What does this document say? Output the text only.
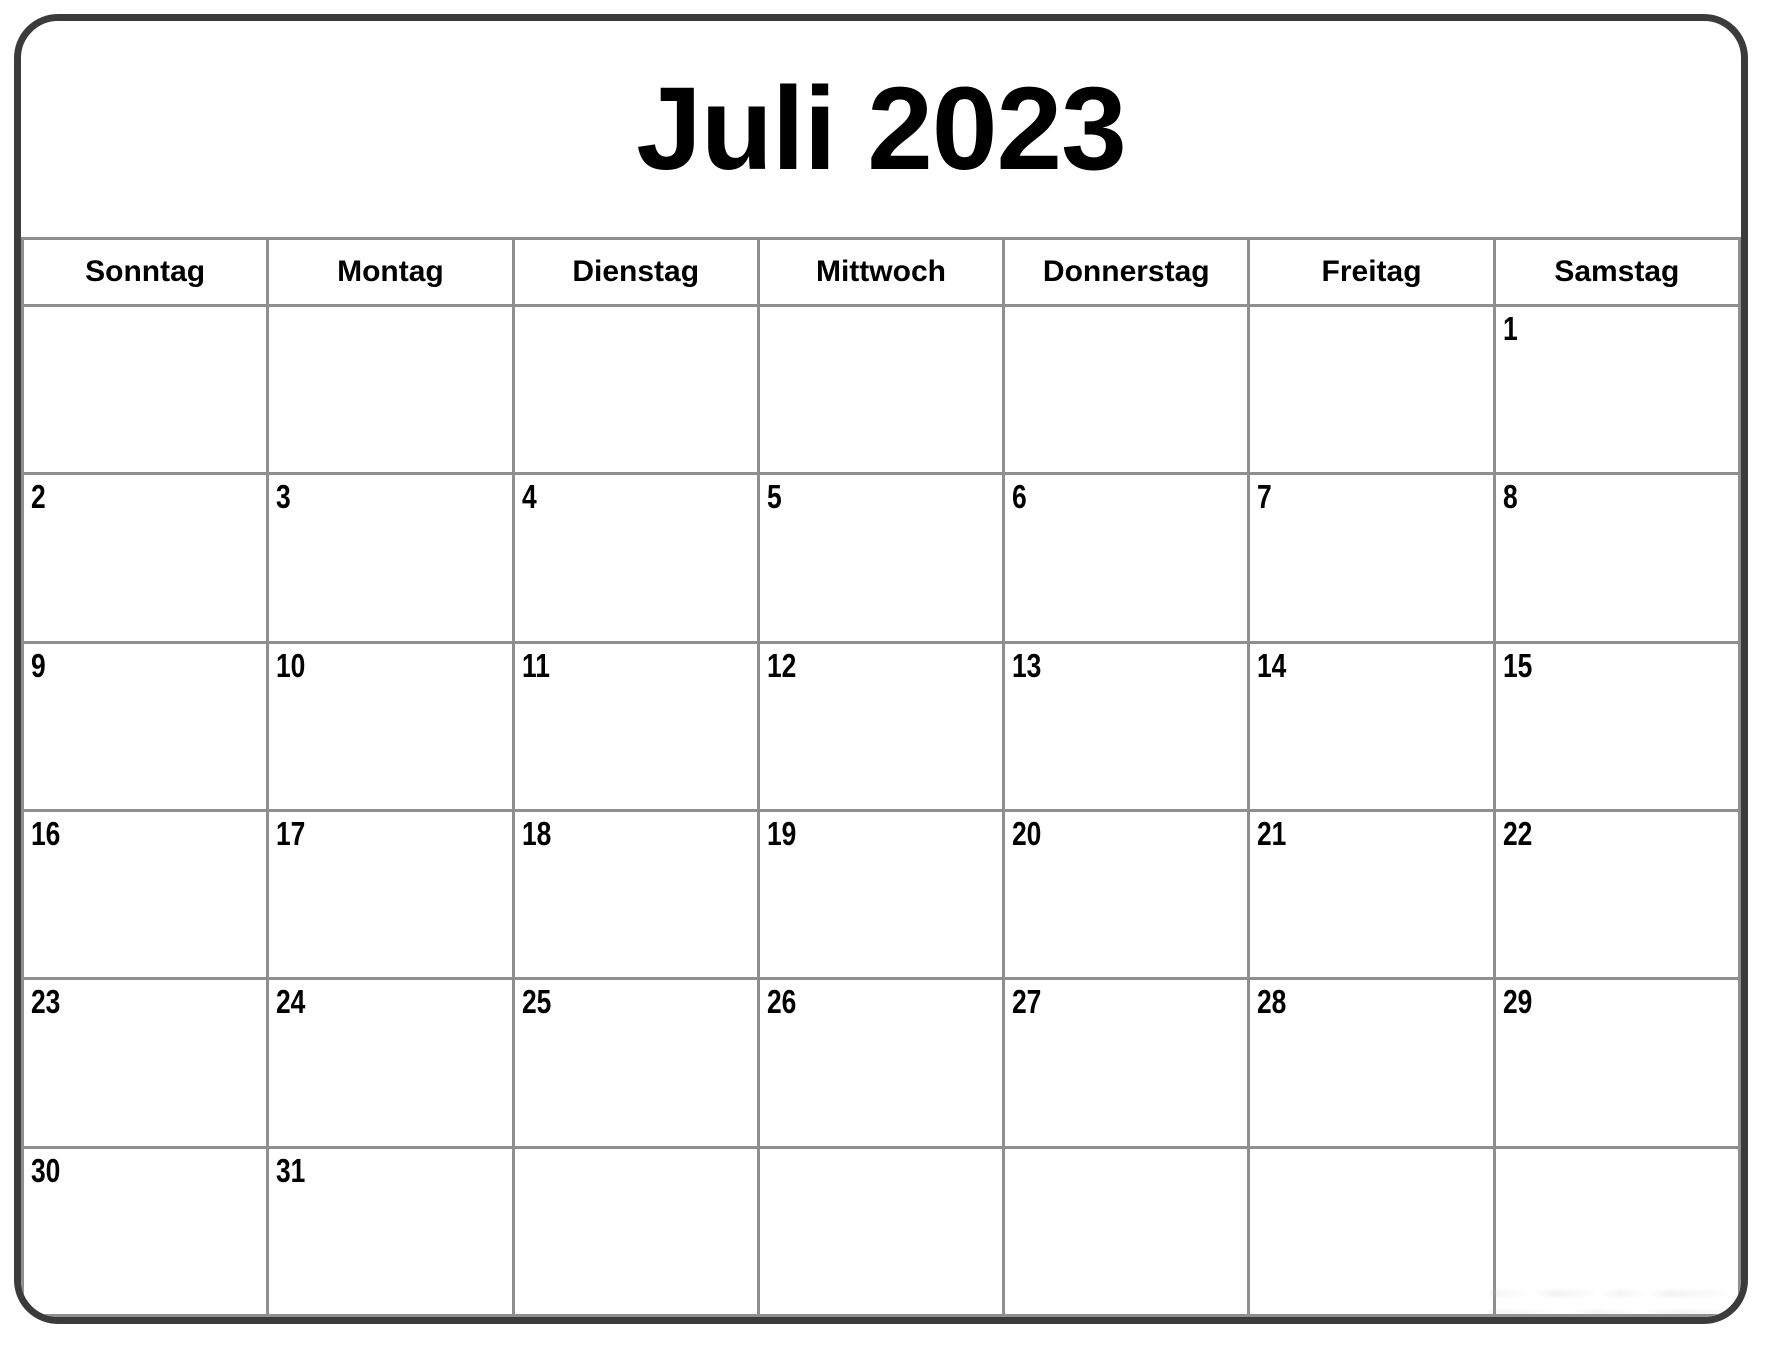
Juli 2023
Sonntag	Montag	Dienstag	Mittwoch	Donnerstag	Freitag	Samstag
						1
2	3	4	5	6	7	8
9	10	11	12	13	14	15
16	17	18	19	20	21	22
23	24	25	26	27	28	29
30	31					
